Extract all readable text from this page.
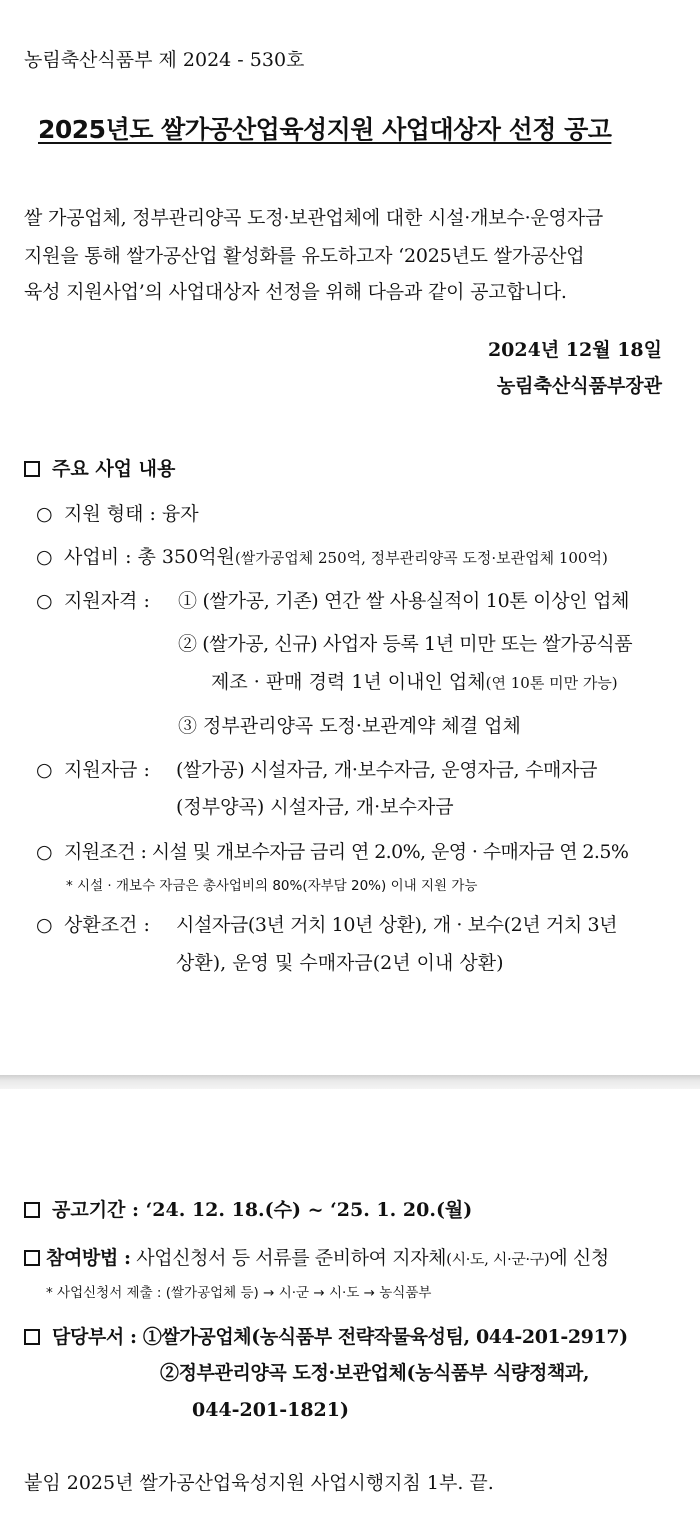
농림축산식품부 제 2024 - 530호
2025년도 쌀가공산업육성지원 사업대상자 선정 공고
쌀 가공업체, 정부관리양곡 도정·보관업체에 대한 시설·개보수·운영자금
지원을 통해 쌀가공산업 활성화를 유도하고자 ‘2025년도 쌀가공산업
육성 지원사업’의 사업대상자 선정을 위해 다음과 같이 공고합니다.
2024년 12월 18일
농림축산식품부장관
주요 사업 내용
○ 지원 형태 : 융자
○ 사업비 : 총 350억원(쌀가공업체 250억, 정부관리양곡 도정·보관업체 100억)
○ 지원자격 : ① (쌀가공, 기존) 연간 쌀 사용실적이 10톤 이상인 업체
② (쌀가공, 신규) 사업자 등록 1년 미만 또는 쌀가공식품
제조 · 판매 경력 1년 이내인 업체(연 10톤 미만 가능)
③ 정부관리양곡 도정·보관계약 체결 업체
○ 지원자금 : (쌀가공) 시설자금, 개·보수자금, 운영자금, 수매자금
(정부양곡) 시설자금, 개·보수자금
○ 지원조건 : 시설 및 개보수자금 금리 연 2.0%, 운영 · 수매자금 연 2.5%
* 시설 · 개보수 자금은 총사업비의 80%(자부담 20%) 이내 지원 가능
○ 상환조건 : 시설자금(3년 거치 10년 상환), 개 · 보수(2년 거치 3년
상환), 운영 및 수매자금(2년 이내 상환)
공고기간 : ‘24. 12. 18.(수) ~ ‘25. 1. 20.(월)
참여방법 : 사업신청서 등 서류를 준비하여 지자체(시·도, 시·군·구)에 신청
* 사업신청서 제출 : (쌀가공업체 등) → 시·군 → 시·도 → 농식품부
담당부서 : ①쌀가공업체(농식품부 전략작물육성팀, 044-201-2917)
②정부관리양곡 도정·보관업체(농식품부 식량정책과,
044-201-1821)
붙임 2025년 쌀가공산업육성지원 사업시행지침 1부. 끝.
